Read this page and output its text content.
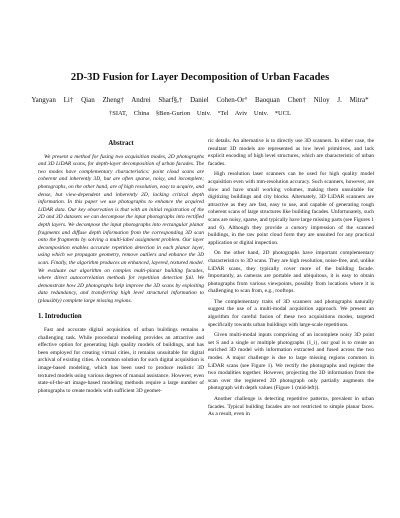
2D-3D Fusion for Layer Decomposition of Urban Facades
Yangyan Li† Qian Zheng† Andrei Sharf§,† Daniel Cohen-Or° Baoquan Chen† Niloy J. Mitra*
†SIAT, China §Ben-Gurion Univ. °Tel Aviv Univ. *UCL
Abstract

We present a method for fusing two acquisition modes, 2D photographs and 3D LiDAR scans, for depth-layer decomposition of urban facades. The two modes have complementary characteristics: point cloud scans are coherent and inherently 3D, but are often sparse, noisy, and incomplete; photographs, on the other hand, are of high resolution, easy to acquire, and dense, but view-dependent and inherently 2D, lacking critical depth information. In this paper we use photographs to enhance the acquired LiDAR data. Our key observation is that with an initial registration of the 2D and 3D datasets we can decompose the input photographs into rectified depth layers. We decompose the input photographs into rectangular planar fragments and diffuse depth information from the corresponding 3D scan onto the fragments by solving a multi-label assignment problem. Our layer decomposition enables accurate repetition detection in each planar layer, using which we propagate geometry, remove outliers and enhance the 3D scan. Finally, the algorithm produces an enhanced, layered, textured model. We evaluate our algorithm on complex multi-planar building facades, where direct autocorrelation methods for repetition detection fail. We demonstrate how 2D photographs help improve the 3D scans by exploiting data redundancy, and transferring high level structural information to (plausibly) complete large missing regions.

1. Introduction

Fast and accurate digital acquisition of urban buildings remains a challenging task. While procedural modeling provides an attractive and effective option for generating high quality models of buildings, and has been employed for creating virtual cities, it remains unsuitable for digital archival of existing cities. A common solution for such digital acquisition is image-based modeling, which has been used to produce realistic 3D textured models using various degrees of manual assistance. However, even state-of-the-art image-based modeling methods require a large number of photographs to create models with sufficient 3D geomet-

ric details. An alternative is to directly use 3D scanners. In either case, the resultant 3D models are represented as low level primitives, and lack explicit encoding of high level structures, which are characteristic of urban facades.

High resolution laser scanners can be used for high quality model acquisition even with mm-resolution accuracy. Such scanners, however, are slow and have small working volumes, making them unsuitable for digitizing buildings and city blocks. Alternately, 3D LiDAR scanners are attractive as they are fast, easy to use, and capable of generating rough coherent scans of large structures like building facades. Unfortunately, such scans are noisy, sparse, and typically have large missing parts (see Figures 1 and 6). Although they provide a cursory impression of the scanned buildings, in the raw point cloud form they are unsuited for any practical application or digital inspection.

On the other hand, 2D photographs have important complementary characteristics to 3D scans. They are high resolution, noise-free, and, unlike LiDAR scans, they typically cover more of the building facade. Importantly, as cameras are portable and ubiquitous, it is easy to obtain photographs from various viewpoints, possibly from locations where it is challenging to scan from, e.g., rooftops.

The complementary traits of 3D scanners and photographs naturally suggest the use of a multi-modal acquisition approach. We present an algorithm for careful fusion of these two acquisitions modes, targeted specifically towards urban buildings with large-scale repetitions.

Given multi-modal inputs comprising of an incomplete noisy 3D point set S and a single or multiple photographs {I_i}, our goal is to create an enriched 3D model with information extracted and fused across the two modes. A major challenge is due to large missing regions common in LiDAR scans (see Figure 1). We rectify the photographs and register the two modalities together. However, projecting the 3D information from the scan over the registered 2D photograph only partially augments the photograph with depth values (Figure 1 (mid-left)).

Another challenge is detecting repetitive patterns, prevalent in urban facades. Typical building facades are not restricted to simple planar faces. As a result, even in
